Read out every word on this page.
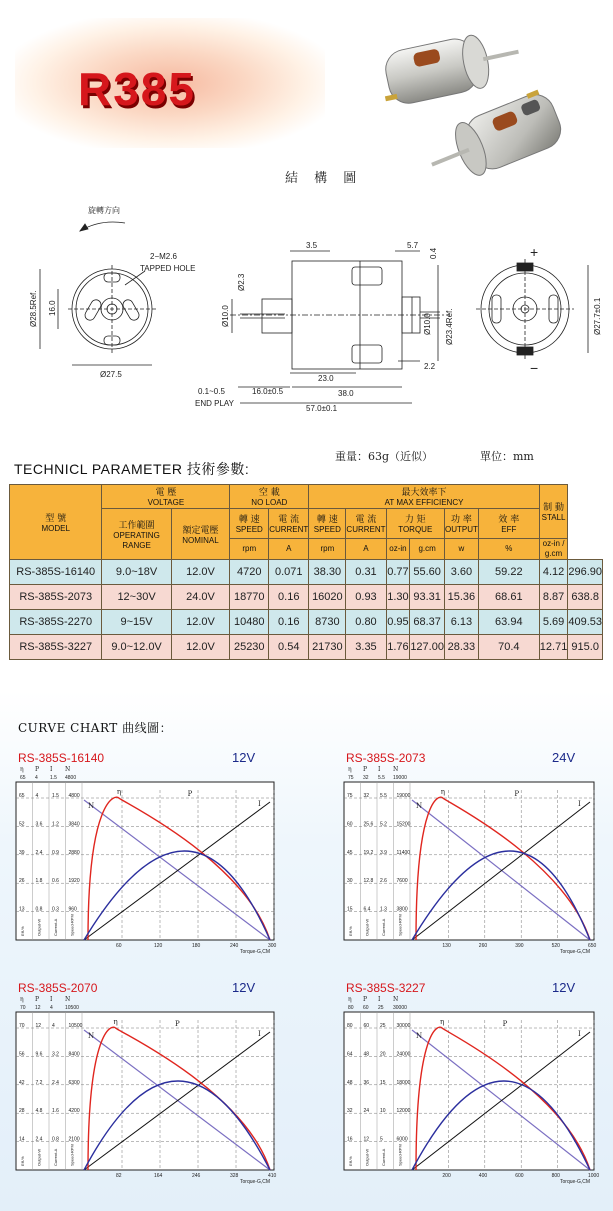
R385
結 構 圖
旋轉方向
2−M2.6
TAPPED HOLE
Ø28.5Ref. 16.0
Ø27.5
Ø2.3
Ø10.0
3.5	5.7
0.4
Ø10.0 Ø23.4Ref.
23.0
38.0
2.2
0.1~0.5
END PLAY
16.0±0.5
57.0±0.1
Ø27.7±0.1
+
−
重量：63g（近似）	單位：mm
TECHNICL PARAMETER 技術參數:
型 號
MODEL	電 壓
VOLTAGE		空 載
NO LOAD		最大效率下
AT MAX EFFICIENCY						制 動
STALL	

	工作範圍
OPERATING RANGE	額定電壓
NOMINAL	轉 速
SPEED	電 流
CURRENT	轉 速
SPEED	電 流
CURRENT	力 矩
TORQUE		功 率
OUTPUT	效 率
EFF		
			rpm	A	rpm	A	oz-in	g.cm	w	%	oz-in / g.cm	
RS-385S-16140	9.0~18V	12.0V	4720	0.071	38.30	0.31	0.77	55.60	3.60	59.22	4.12	296.90
RS-385S-2073	12~30V	24.0V	18770	0.16	16020	0.93	1.30	93.31	15.36	68.61	8.87	638.8
RS-385S-2270	9~15V	12.0V	10480	0.16	8730	0.80	0.95	68.37	6.13	63.94	5.69	409.53
RS-385S-3227	9.0~12.0V	12.0V	25230	0.54	21730	3.35	1.76	127.00	28.33	70.4	12.71	915.0
CURVE CHART 曲线圖：
RS-385S-16140	12V
η P I N
65 4 1.5 4800
65 4	1.5 4800
52 3.6 1.2 3840
39 2.4 0.9 2880
26 1.8 0.6 1920
13 0.8 0.3 960
60	120	180	240	300
Torque-G,CM
Eff-%	Output-W	Current-A	Speed-RPM
N
η	P
I
RS-385S-2073	24V
η P I N
75 32 5.5 19000
75 32 5.5 19000
60 25.6 5.2 15200
45 19.2 3.9 11400
30 12.8 2.6 7600
15 6.4 1.3 3800
130	260	390	520	650
Torque-G,CM
Eff-%	Output-W	Current-A	Speed-RPM
N
η	P
I
RS-385S-2070	12V
η P I N
70 12 4 10500
70 12 4	10500
56 9.6 3.2 8400
42 7.2 2.4 6300
28 4.8 1.6 4200
14 2.4 0.8 2100
82	164	246	328	410
Torque-G,CM
Eff-%	Output-W	Current-A	Speed-RPM
N
η	P
I
RS-385S-3227	12V
η P I N
80 60 25 30000
80 60 25 30000
64 48 20 24000
48 36 15 18000
32 24 10 12000
16 12 5	6000
200	400	600	800	1000
Torque-G,CM
Eff-%	Output-W	Current-A	Speed-RPM
N
η	P
I
